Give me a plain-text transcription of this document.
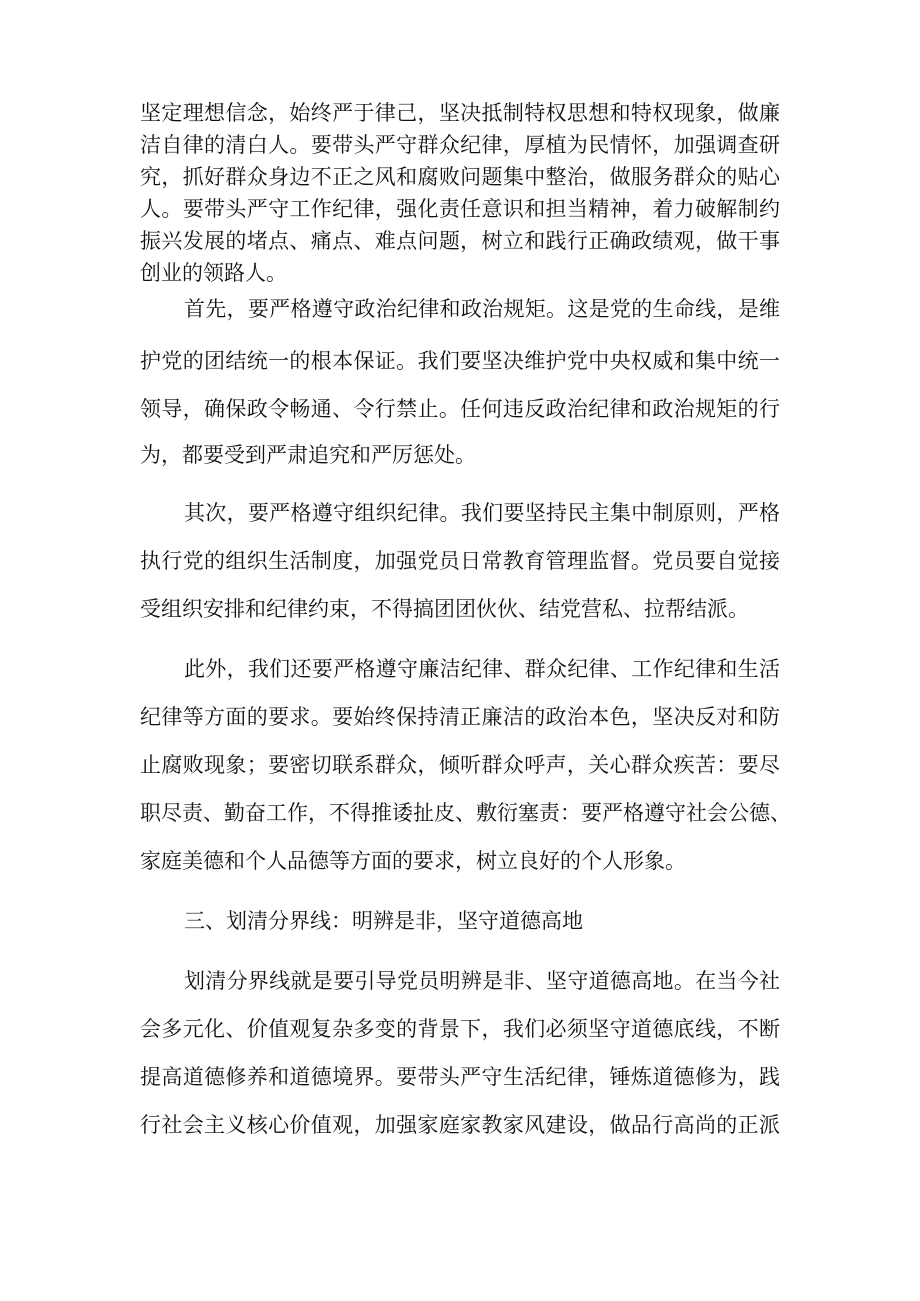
坚定理想信念，始终严于律己，坚决抵制特权思想和特权现象，做廉
洁自律的清白人。要带头严守群众纪律，厚植为民情怀，加强调查研
究，抓好群众身边不正之风和腐败问题集中整治，做服务群众的贴心
人。要带头严守工作纪律，强化责任意识和担当精神，着力破解制约
振兴发展的堵点、痛点、难点问题，树立和践行正确政绩观，做干事
创业的领路人。
首先，要严格遵守政治纪律和政治规矩。这是党的生命线，是维
护党的团结统一的根本保证。我们要坚决维护党中央权威和集中统一
领导，确保政令畅通、令行禁止。任何违反政治纪律和政治规矩的行
为，都要受到严肃追究和严厉惩处。
其次，要严格遵守组织纪律。我们要坚持民主集中制原则，严格
执行党的组织生活制度，加强党员日常教育管理监督。党员要自觉接
受组织安排和纪律约束，不得搞团团伙伙、结党营私、拉帮结派。
此外，我们还要严格遵守廉洁纪律、群众纪律、工作纪律和生活
纪律等方面的要求。要始终保持清正廉洁的政治本色，坚决反对和防
止腐败现象；要密切联系群众，倾听群众呼声，关心群众疾苦：要尽
职尽责、勤奋工作，不得推诿扯皮、敷衍塞责：要严格遵守社会公德、
家庭美德和个人品德等方面的要求，树立良好的个人形象。
三、划清分界线：明辨是非，坚守道德高地
划清分界线就是要引导党员明辨是非、坚守道德高地。在当今社
会多元化、价值观复杂多变的背景下，我们必须坚守道德底线，不断
提高道德修养和道德境界。要带头严守生活纪律，锤炼道德修为，践
行社会主义核心价值观，加强家庭家教家风建设，做品行高尚的正派
